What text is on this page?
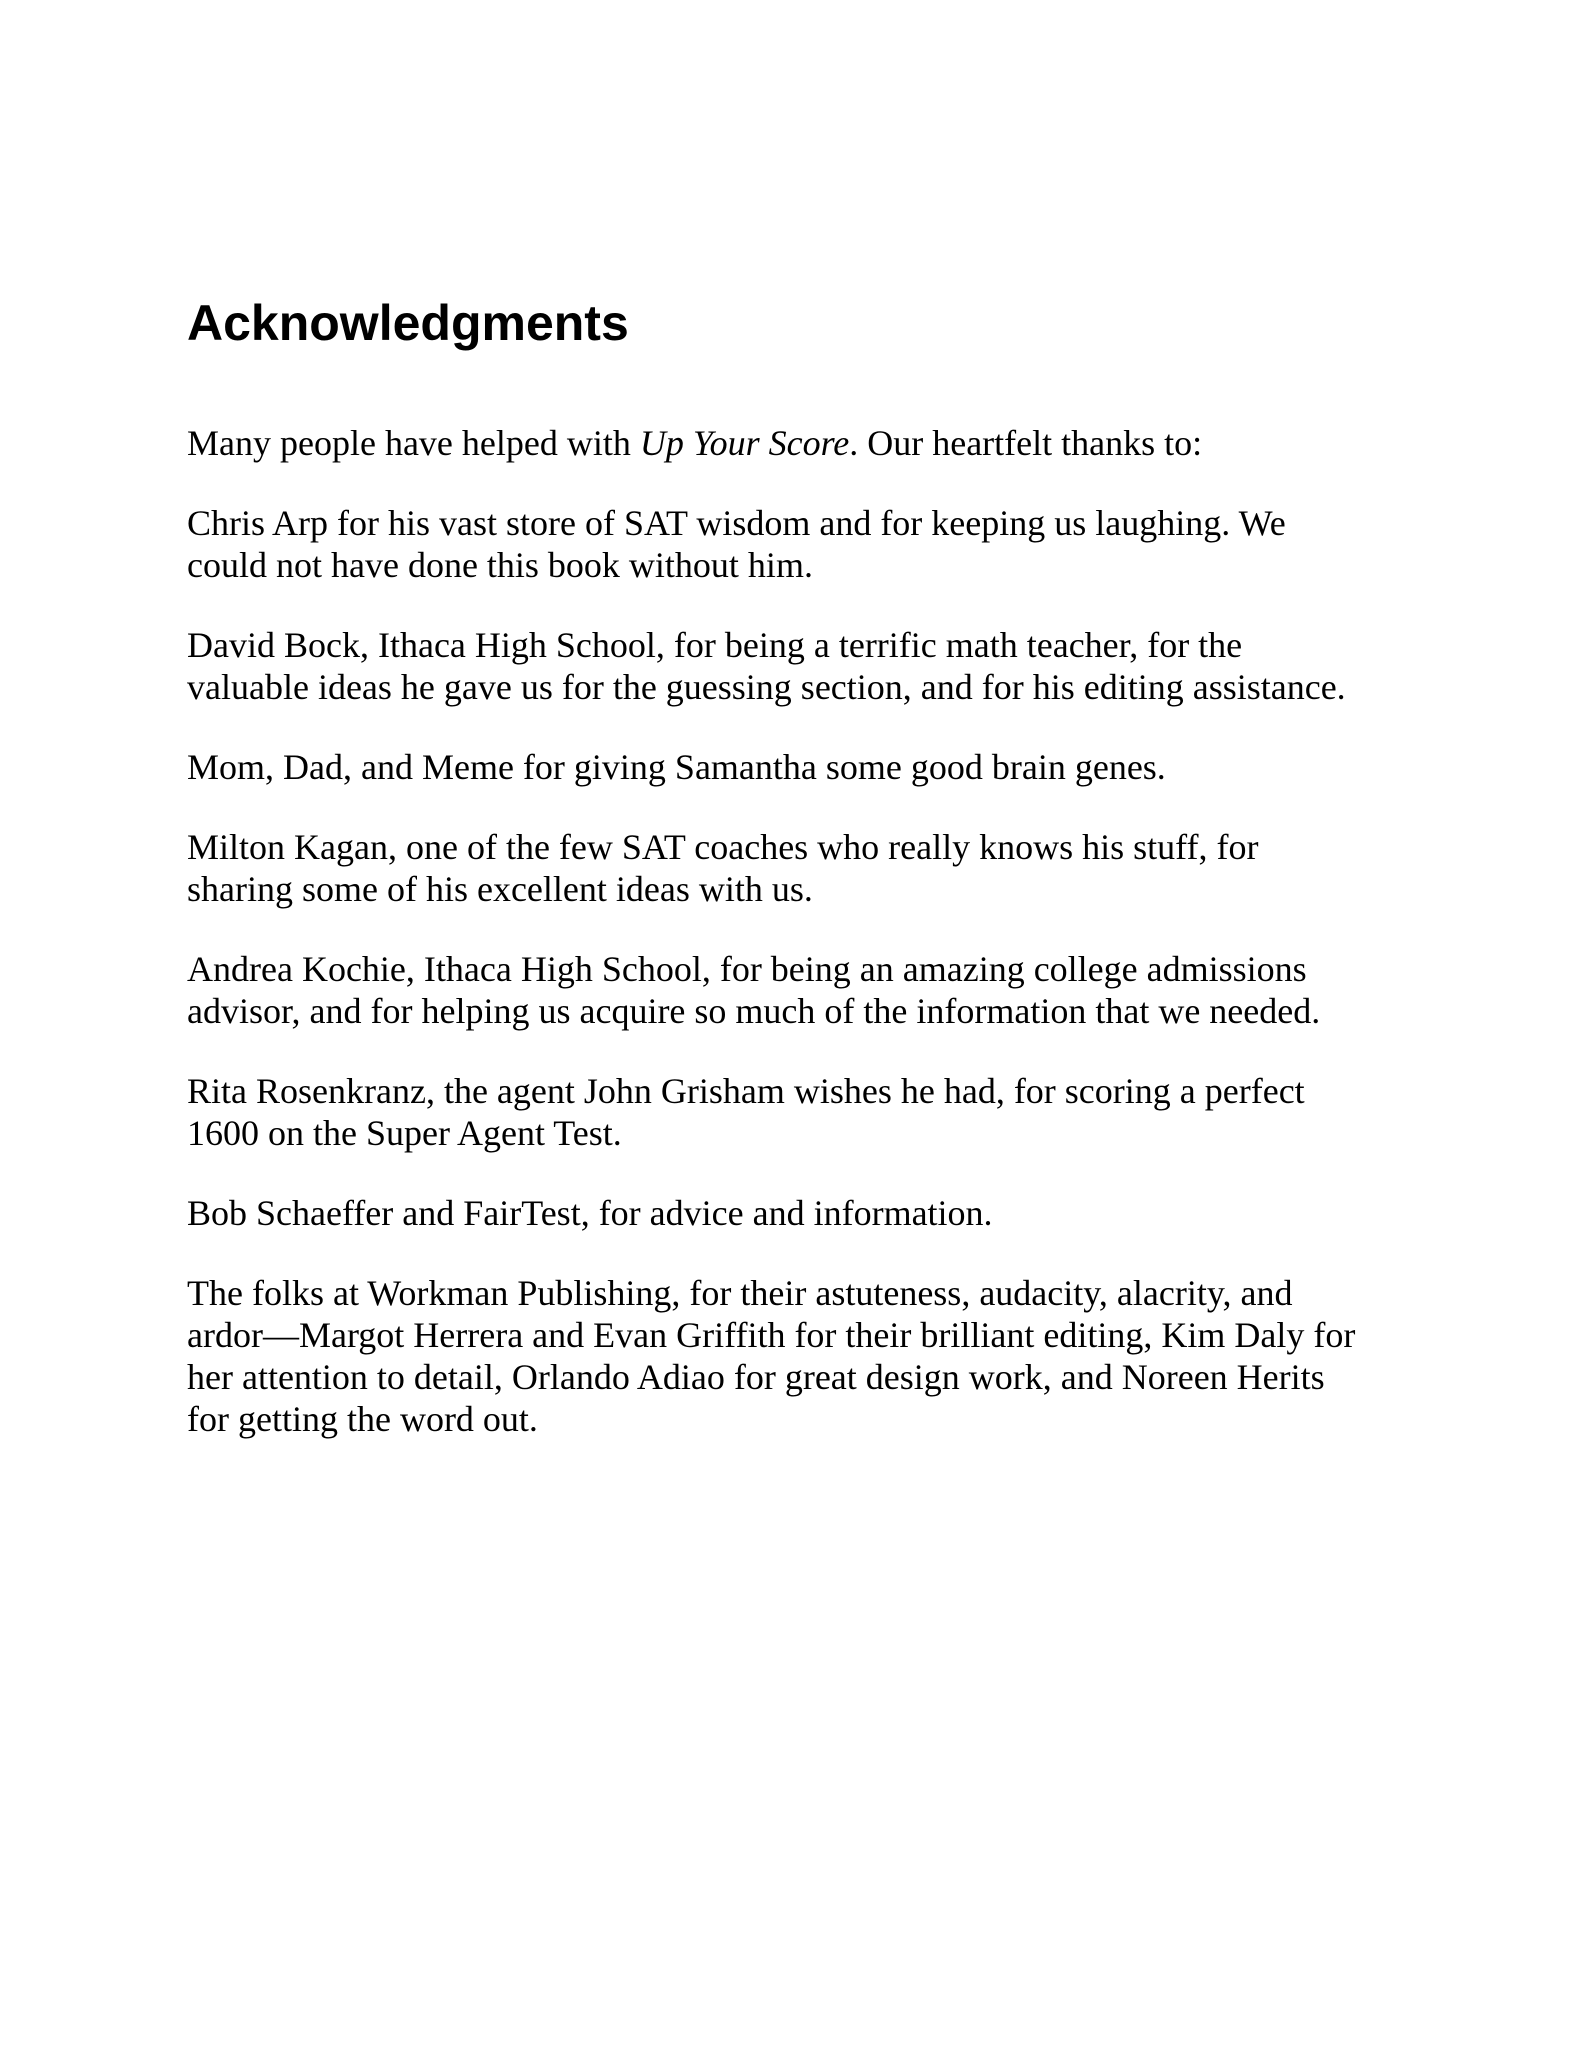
Acknowledgments

Many people have helped with Up Your Score. Our heartfelt thanks to:

Chris Arp for his vast store of SAT wisdom and for keeping us laughing. We could not have done this book without him.

David Bock, Ithaca High School, for being a terrific math teacher, for the valuable ideas he gave us for the guessing section, and for his editing assistance.

Mom, Dad, and Meme for giving Samantha some good brain genes.

Milton Kagan, one of the few SAT coaches who really knows his stuff, for sharing some of his excellent ideas with us.

Andrea Kochie, Ithaca High School, for being an amazing college admissions advisor, and for helping us acquire so much of the information that we needed.

Rita Rosenkranz, the agent John Grisham wishes he had, for scoring a perfect 1600 on the Super Agent Test.

Bob Schaeffer and FairTest, for advice and information.

The folks at Workman Publishing, for their astuteness, audacity, alacrity, and ardor—Margot Herrera and Evan Griffith for their brilliant editing, Kim Daly for her attention to detail, Orlando Adiao for great design work, and Noreen Herits for getting the word out.
